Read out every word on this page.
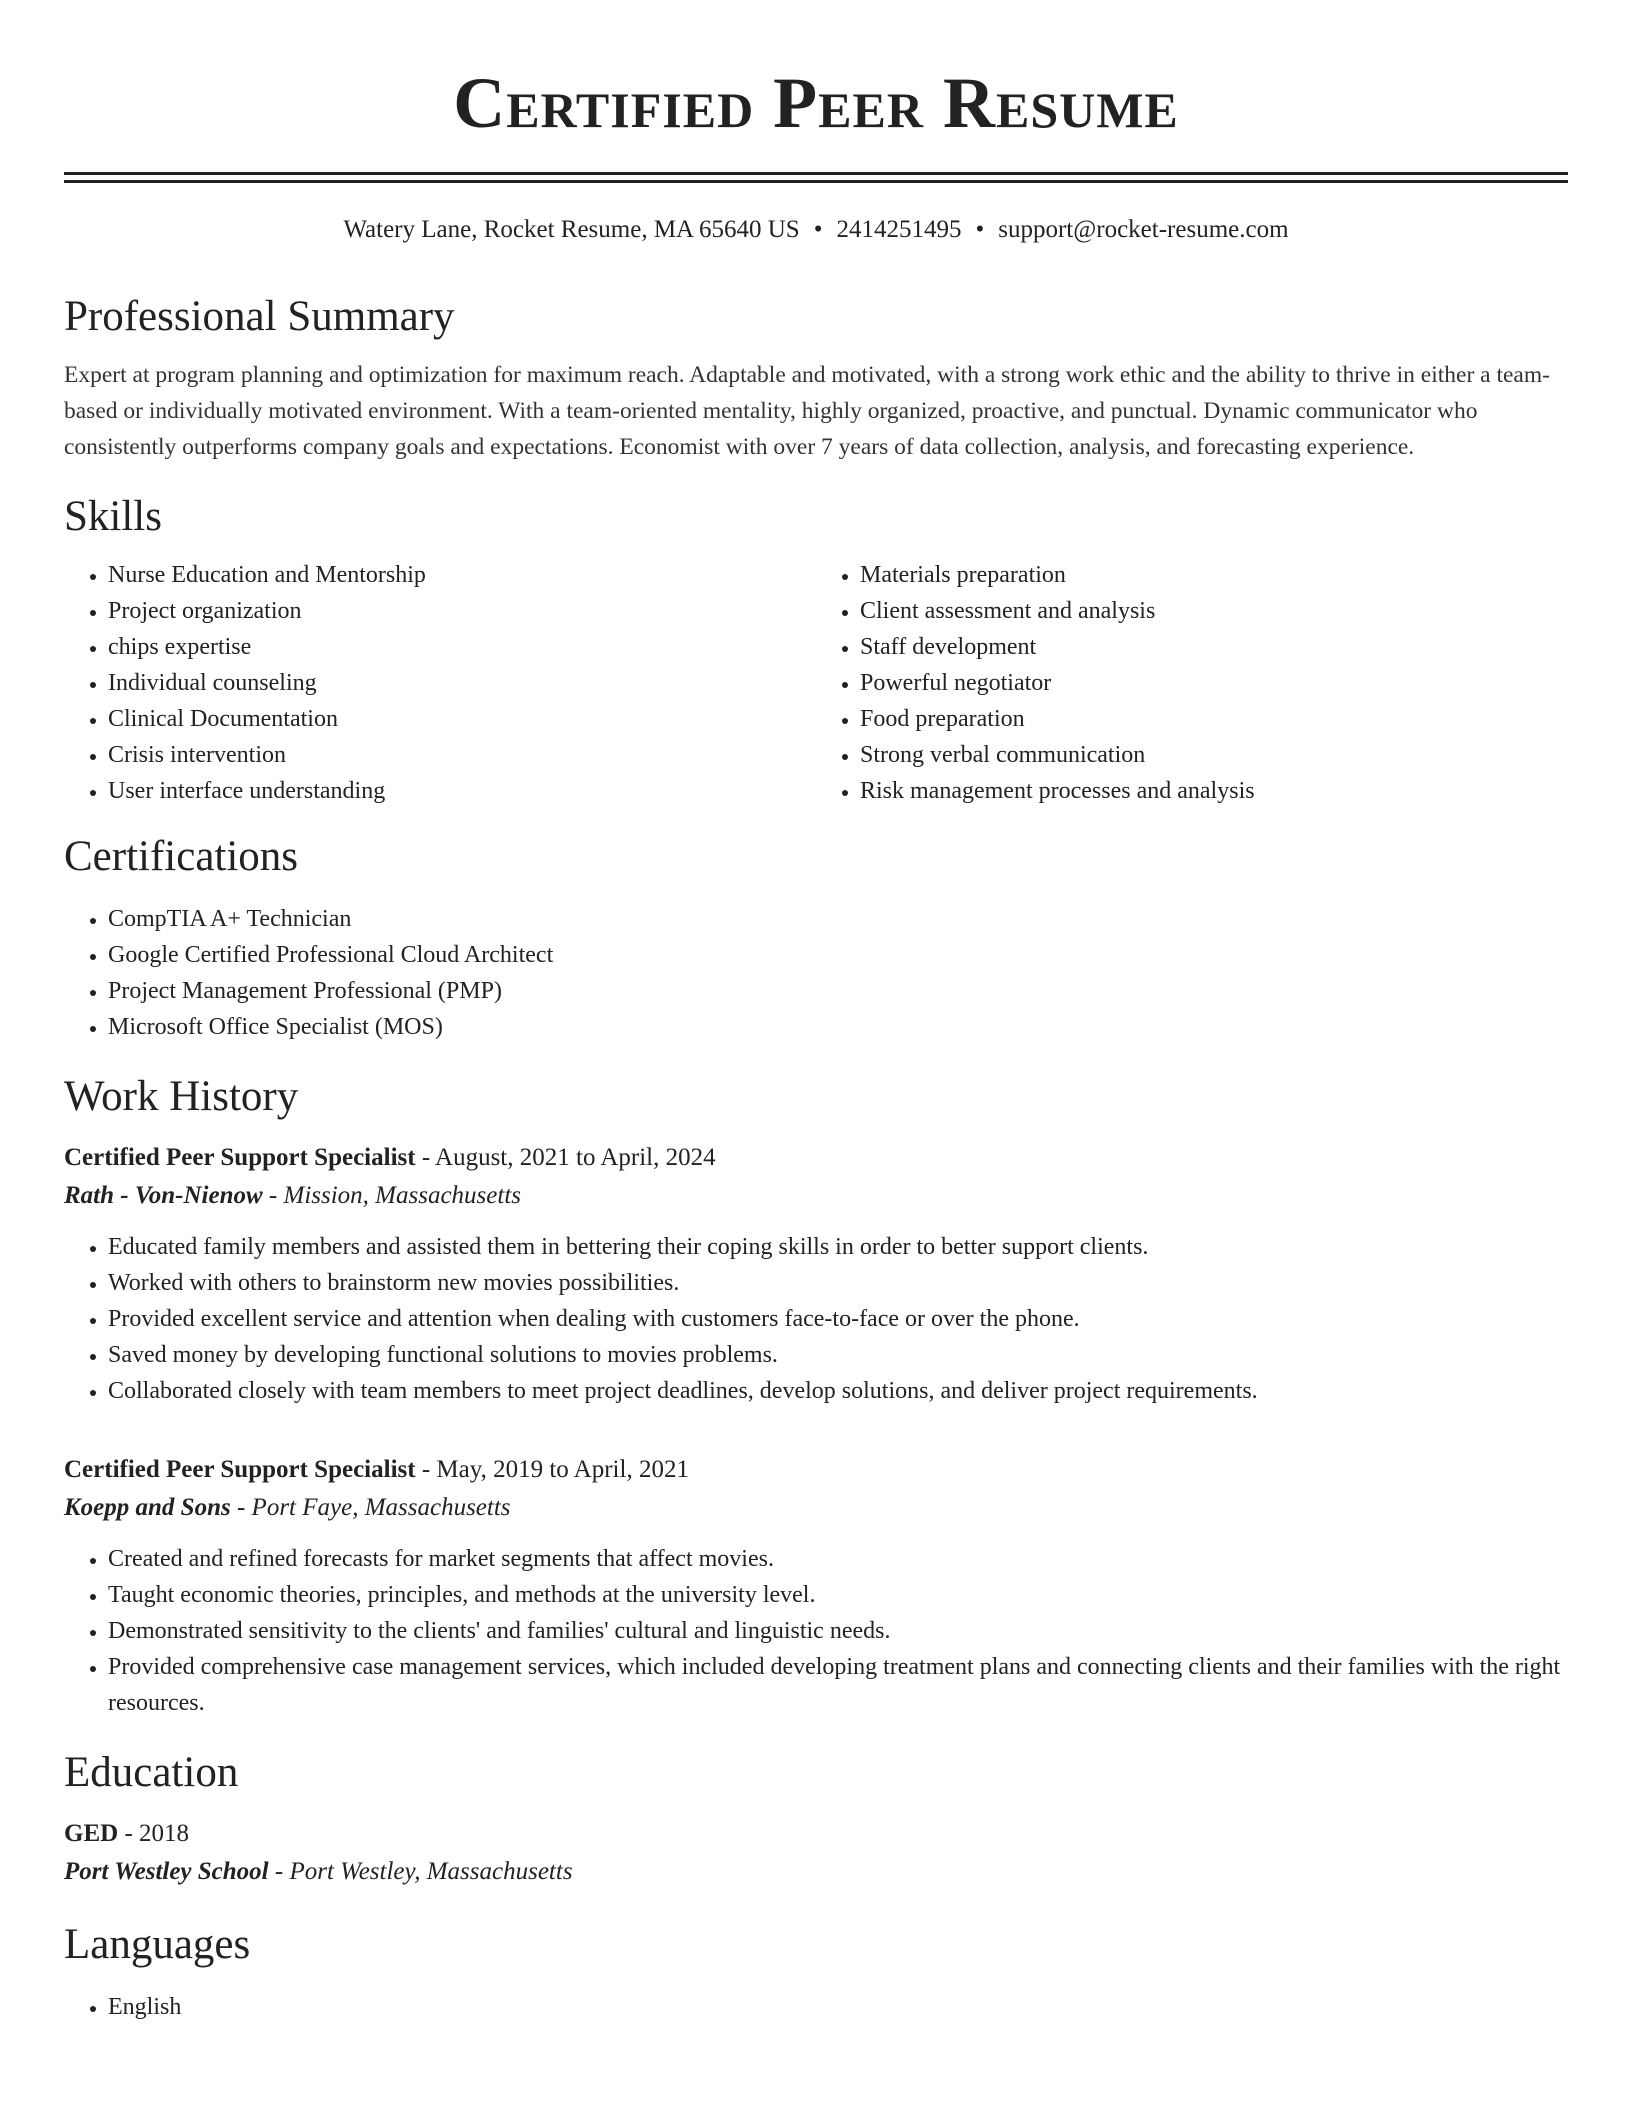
Certified Peer Resume
Watery Lane, Rocket Resume, MA 65640 US • 2414251495 • support@rocket-resume.com
Professional Summary

Expert at program planning and optimization for maximum reach. Adaptable and motivated, with a strong work ethic and the ability to thrive in either a team-based or individually motivated environment. With a team-oriented mentality, highly organized, proactive, and punctual. Dynamic communicator who consistently outperforms company goals and expectations. Economist with over 7 years of data collection, analysis, and forecasting experience.

Skills
• Nurse Education and Mentorship
• Project organization
• chips expertise
• Individual counseling
• Clinical Documentation
• Crisis intervention
• User interface understanding
• Materials preparation
• Client assessment and analysis
• Staff development
• Powerful negotiator
• Food preparation
• Strong verbal communication
• Risk management processes and analysis
Certifications
• CompTIA A+ Technician
• Google Certified Professional Cloud Architect
• Project Management Professional (PMP)
• Microsoft Office Specialist (MOS)
Work History
Certified Peer Support Specialist - August, 2021 to April, 2024
Rath - Von-Nienow - Mission, Massachusetts
• Educated family members and assisted them in bettering their coping skills in order to better support clients.
• Worked with others to brainstorm new movies possibilities.
• Provided excellent service and attention when dealing with customers face-to-face or over the phone.
• Saved money by developing functional solutions to movies problems.
• Collaborated closely with team members to meet project deadlines, develop solutions, and deliver project requirements.
Certified Peer Support Specialist - May, 2019 to April, 2021
Koepp and Sons - Port Faye, Massachusetts
• Created and refined forecasts for market segments that affect movies.
• Taught economic theories, principles, and methods at the university level.
• Demonstrated sensitivity to the clients' and families' cultural and linguistic needs.
• Provided comprehensive case management services, which included developing treatment plans and connecting clients and their families with the right resources.
Education
GED - 2018
Port Westley School - Port Westley, Massachusetts
Languages
• English
